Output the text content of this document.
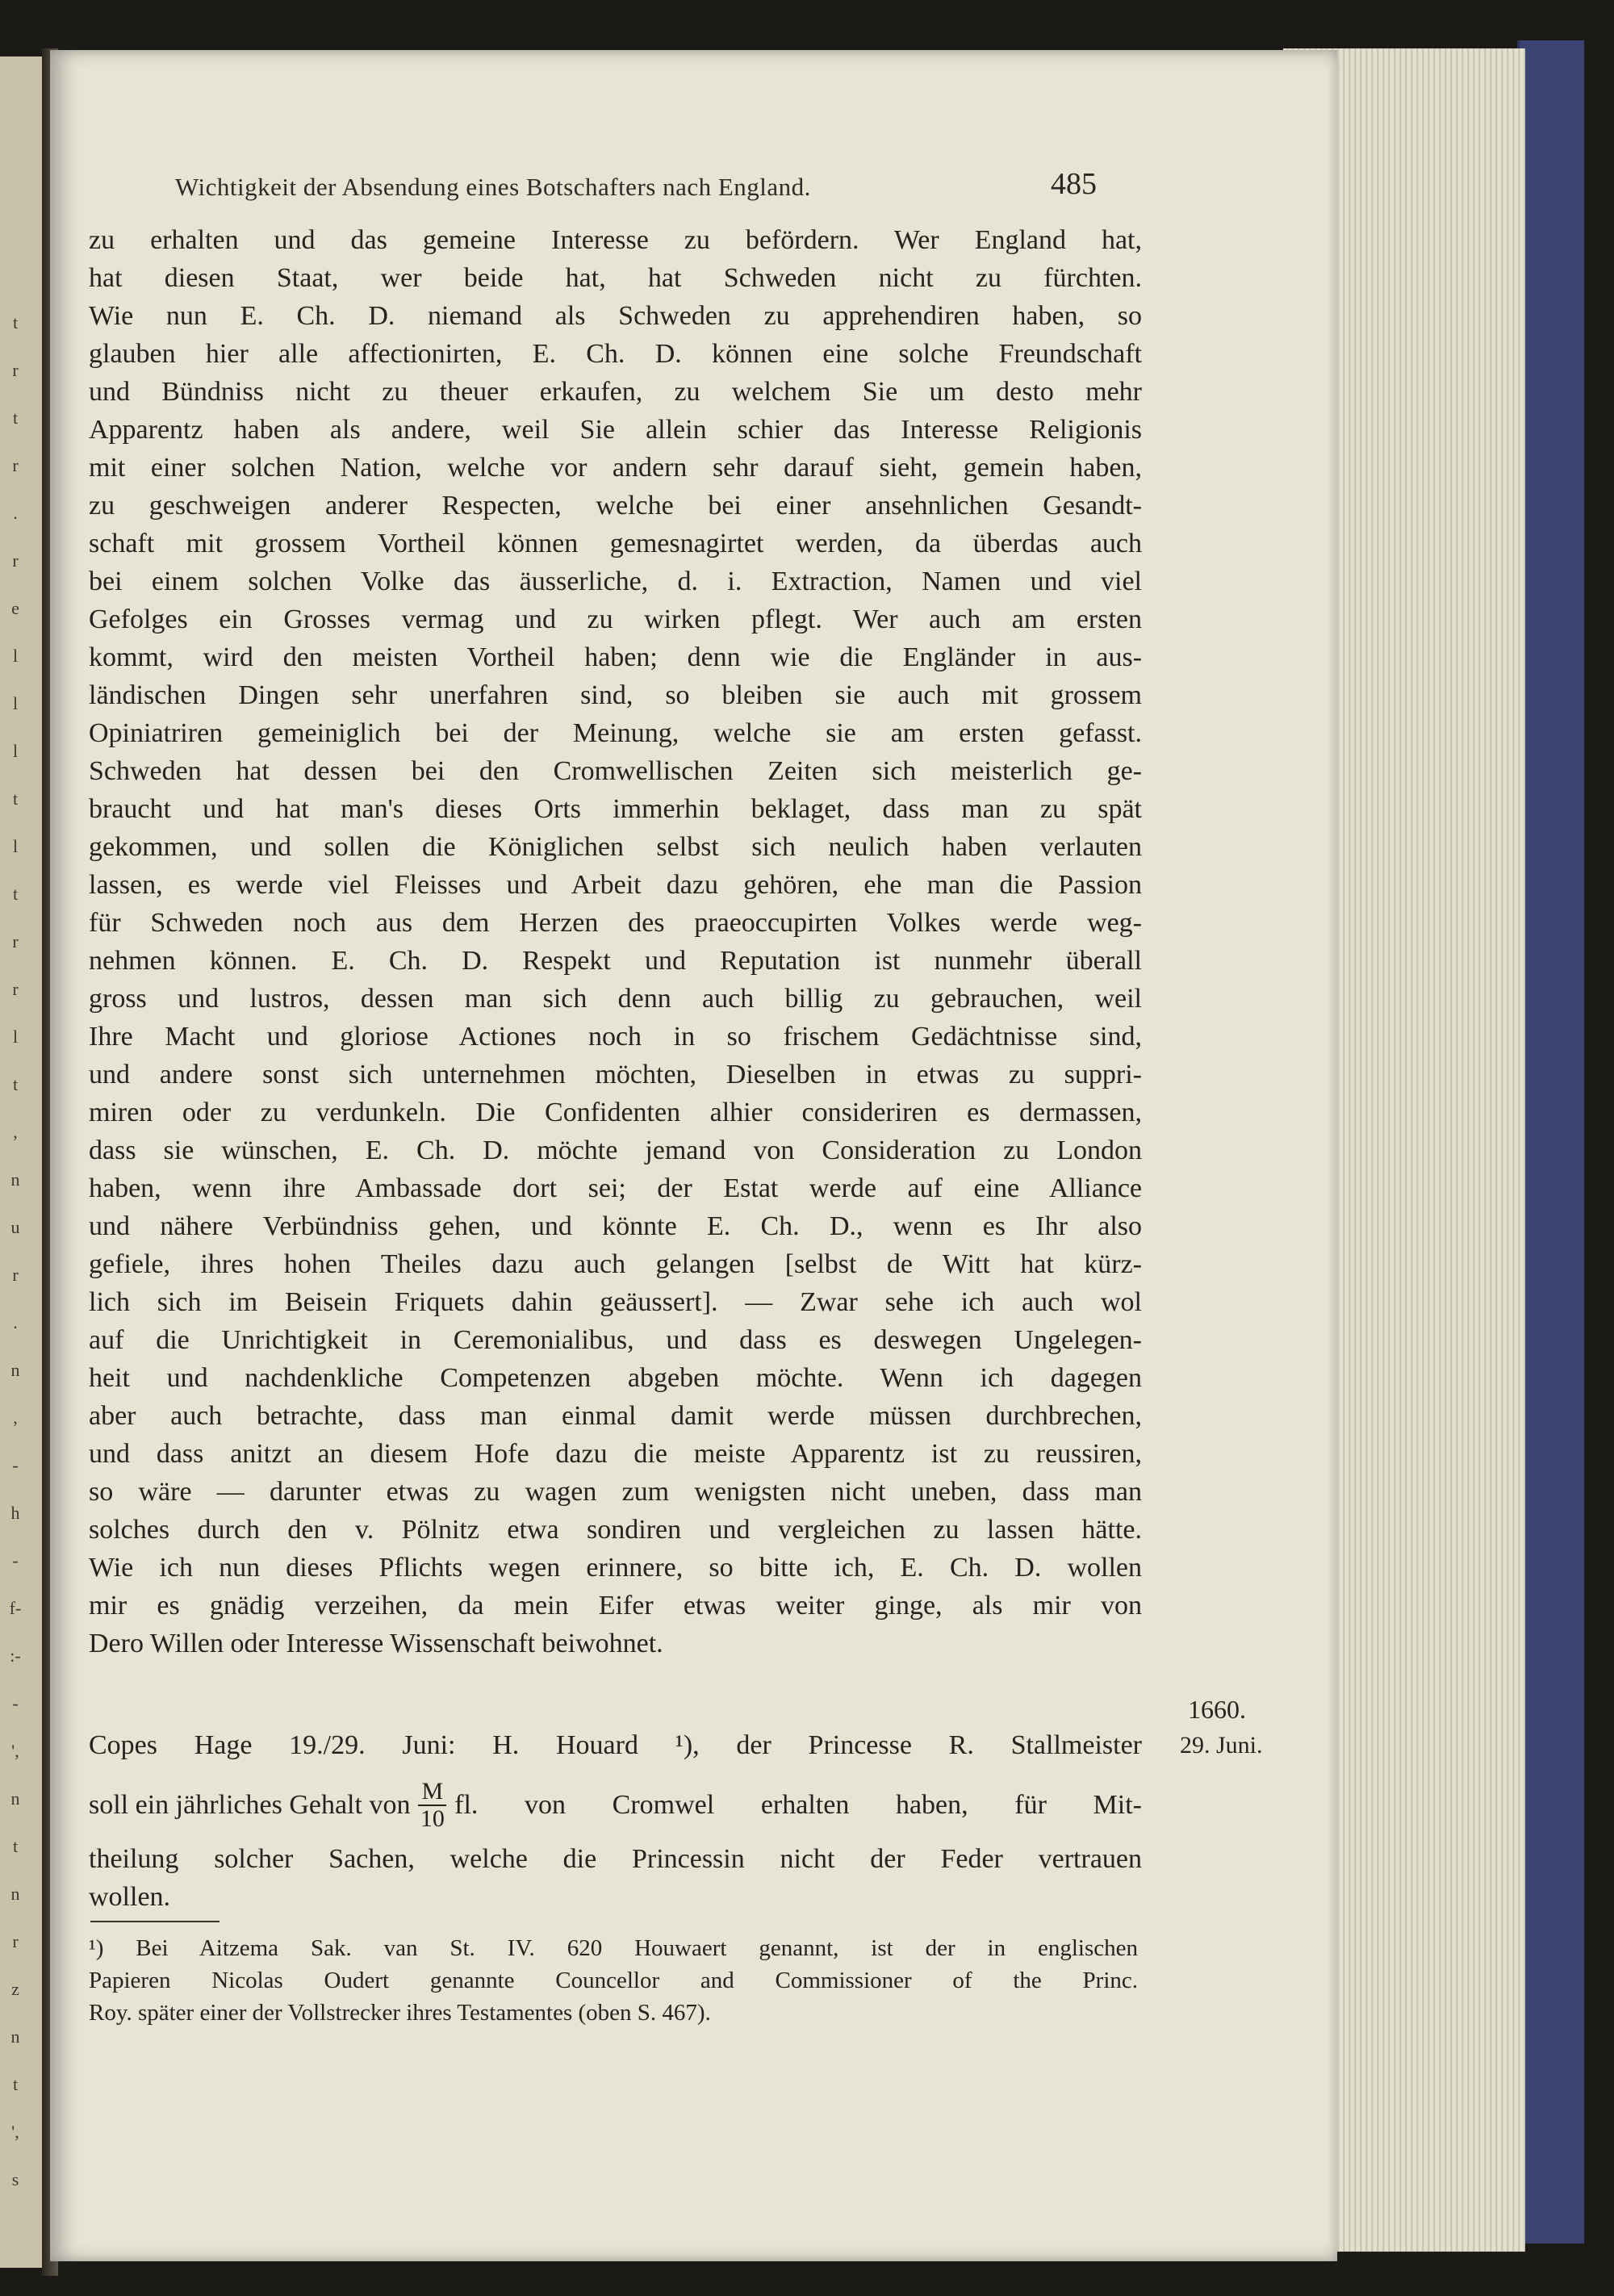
t
r
t
r
.
r
e
l
l
l
t
l
t
r
r
l
t
,
n
u
r
.
n
,
-
h
-
f-
:-
-
',
n
t
n
r
z
n
t
',
s
Wichtigkeit der Absendung eines Botschafters nach England.	485
zu erhalten und das gemeine Interesse zu befördern. Wer England hat,
hat diesen Staat, wer beide hat, hat Schweden nicht zu fürchten.
Wie nun E. Ch. D. niemand als Schweden zu apprehendiren haben, so
glauben hier alle affectionirten, E. Ch. D. können eine solche Freundschaft
und Bündniss nicht zu theuer erkaufen, zu welchem Sie um desto mehr
Apparentz haben als andere, weil Sie allein schier das Interesse Religionis
mit einer solchen Nation, welche vor andern sehr darauf sieht, gemein haben,
zu geschweigen anderer Respecten, welche bei einer ansehnlichen Gesandt-
schaft mit grossem Vortheil können gemesnagirtet werden, da überdas auch
bei einem solchen Volke das äusserliche, d. i. Extraction, Namen und viel
Gefolges ein Grosses vermag und zu wirken pflegt. Wer auch am ersten
kommt, wird den meisten Vortheil haben; denn wie die Engländer in aus-
ländischen Dingen sehr unerfahren sind, so bleiben sie auch mit grossem
Opiniatriren gemeiniglich bei der Meinung, welche sie am ersten gefasst.
Schweden hat dessen bei den Cromwellischen Zeiten sich meisterlich ge-
braucht und hat man's dieses Orts immerhin beklaget, dass man zu spät
gekommen, und sollen die Königlichen selbst sich neulich haben verlauten
lassen, es werde viel Fleisses und Arbeit dazu gehören, ehe man die Passion
für Schweden noch aus dem Herzen des praeoccupirten Volkes werde weg-
nehmen können. E. Ch. D. Respekt und Reputation ist nunmehr überall
gross und lustros, dessen man sich denn auch billig zu gebrauchen, weil
Ihre Macht und gloriose Actiones noch in so frischem Gedächtnisse sind,
und andere sonst sich unternehmen möchten, Dieselben in etwas zu suppri-
miren oder zu verdunkeln. Die Confidenten alhier consideriren es dermassen,
dass sie wünschen, E. Ch. D. möchte jemand von Consideration zu London
haben, wenn ihre Ambassade dort sei; der Estat werde auf eine Alliance
und nähere Verbündniss gehen, und könnte E. Ch. D., wenn es Ihr also
gefiele, ihres hohen Theiles dazu auch gelangen [selbst de Witt hat kürz-
lich sich im Beisein Friquets dahin geäussert]. — Zwar sehe ich auch wol
auf die Unrichtigkeit in Ceremonialibus, und dass es deswegen Ungelegen-
heit und nachdenkliche Competenzen abgeben möchte. Wenn ich dagegen
aber auch betrachte, dass man einmal damit werde müssen durchbrechen,
und dass anitzt an diesem Hofe dazu die meiste Apparentz ist zu reussiren,
so wäre — darunter etwas zu wagen zum wenigsten nicht uneben, dass man
solches durch den v. Pölnitz etwa sondiren und vergleichen zu lassen hätte.
Wie ich nun dieses Pflichts wegen erinnere, so bitte ich, E. Ch. D. wollen
mir es gnädig verzeihen, da mein Eifer etwas weiter ginge, als mir von
Dero Willen oder Interesse Wissenschaft beiwohnet.
1660.
29. Juni.
Copes Hage 19./29. Juni: H. Houard ¹), der Princesse R. Stallmeister
soll ein jährliches Gehalt von $\frac{M}{10}$ fl. von Cromwel erhalten haben, für Mit-
theilung solcher Sachen, welche die Princessin nicht der Feder vertrauen
wollen.
¹) Bei Aitzema Sak. van St. IV. 620 Houwaert genannt, ist der in englischen
Papieren Nicolas Oudert genannte Councellor and Commissioner of the Princ.
Roy. später einer der Vollstrecker ihres Testamentes (oben S. 467).
